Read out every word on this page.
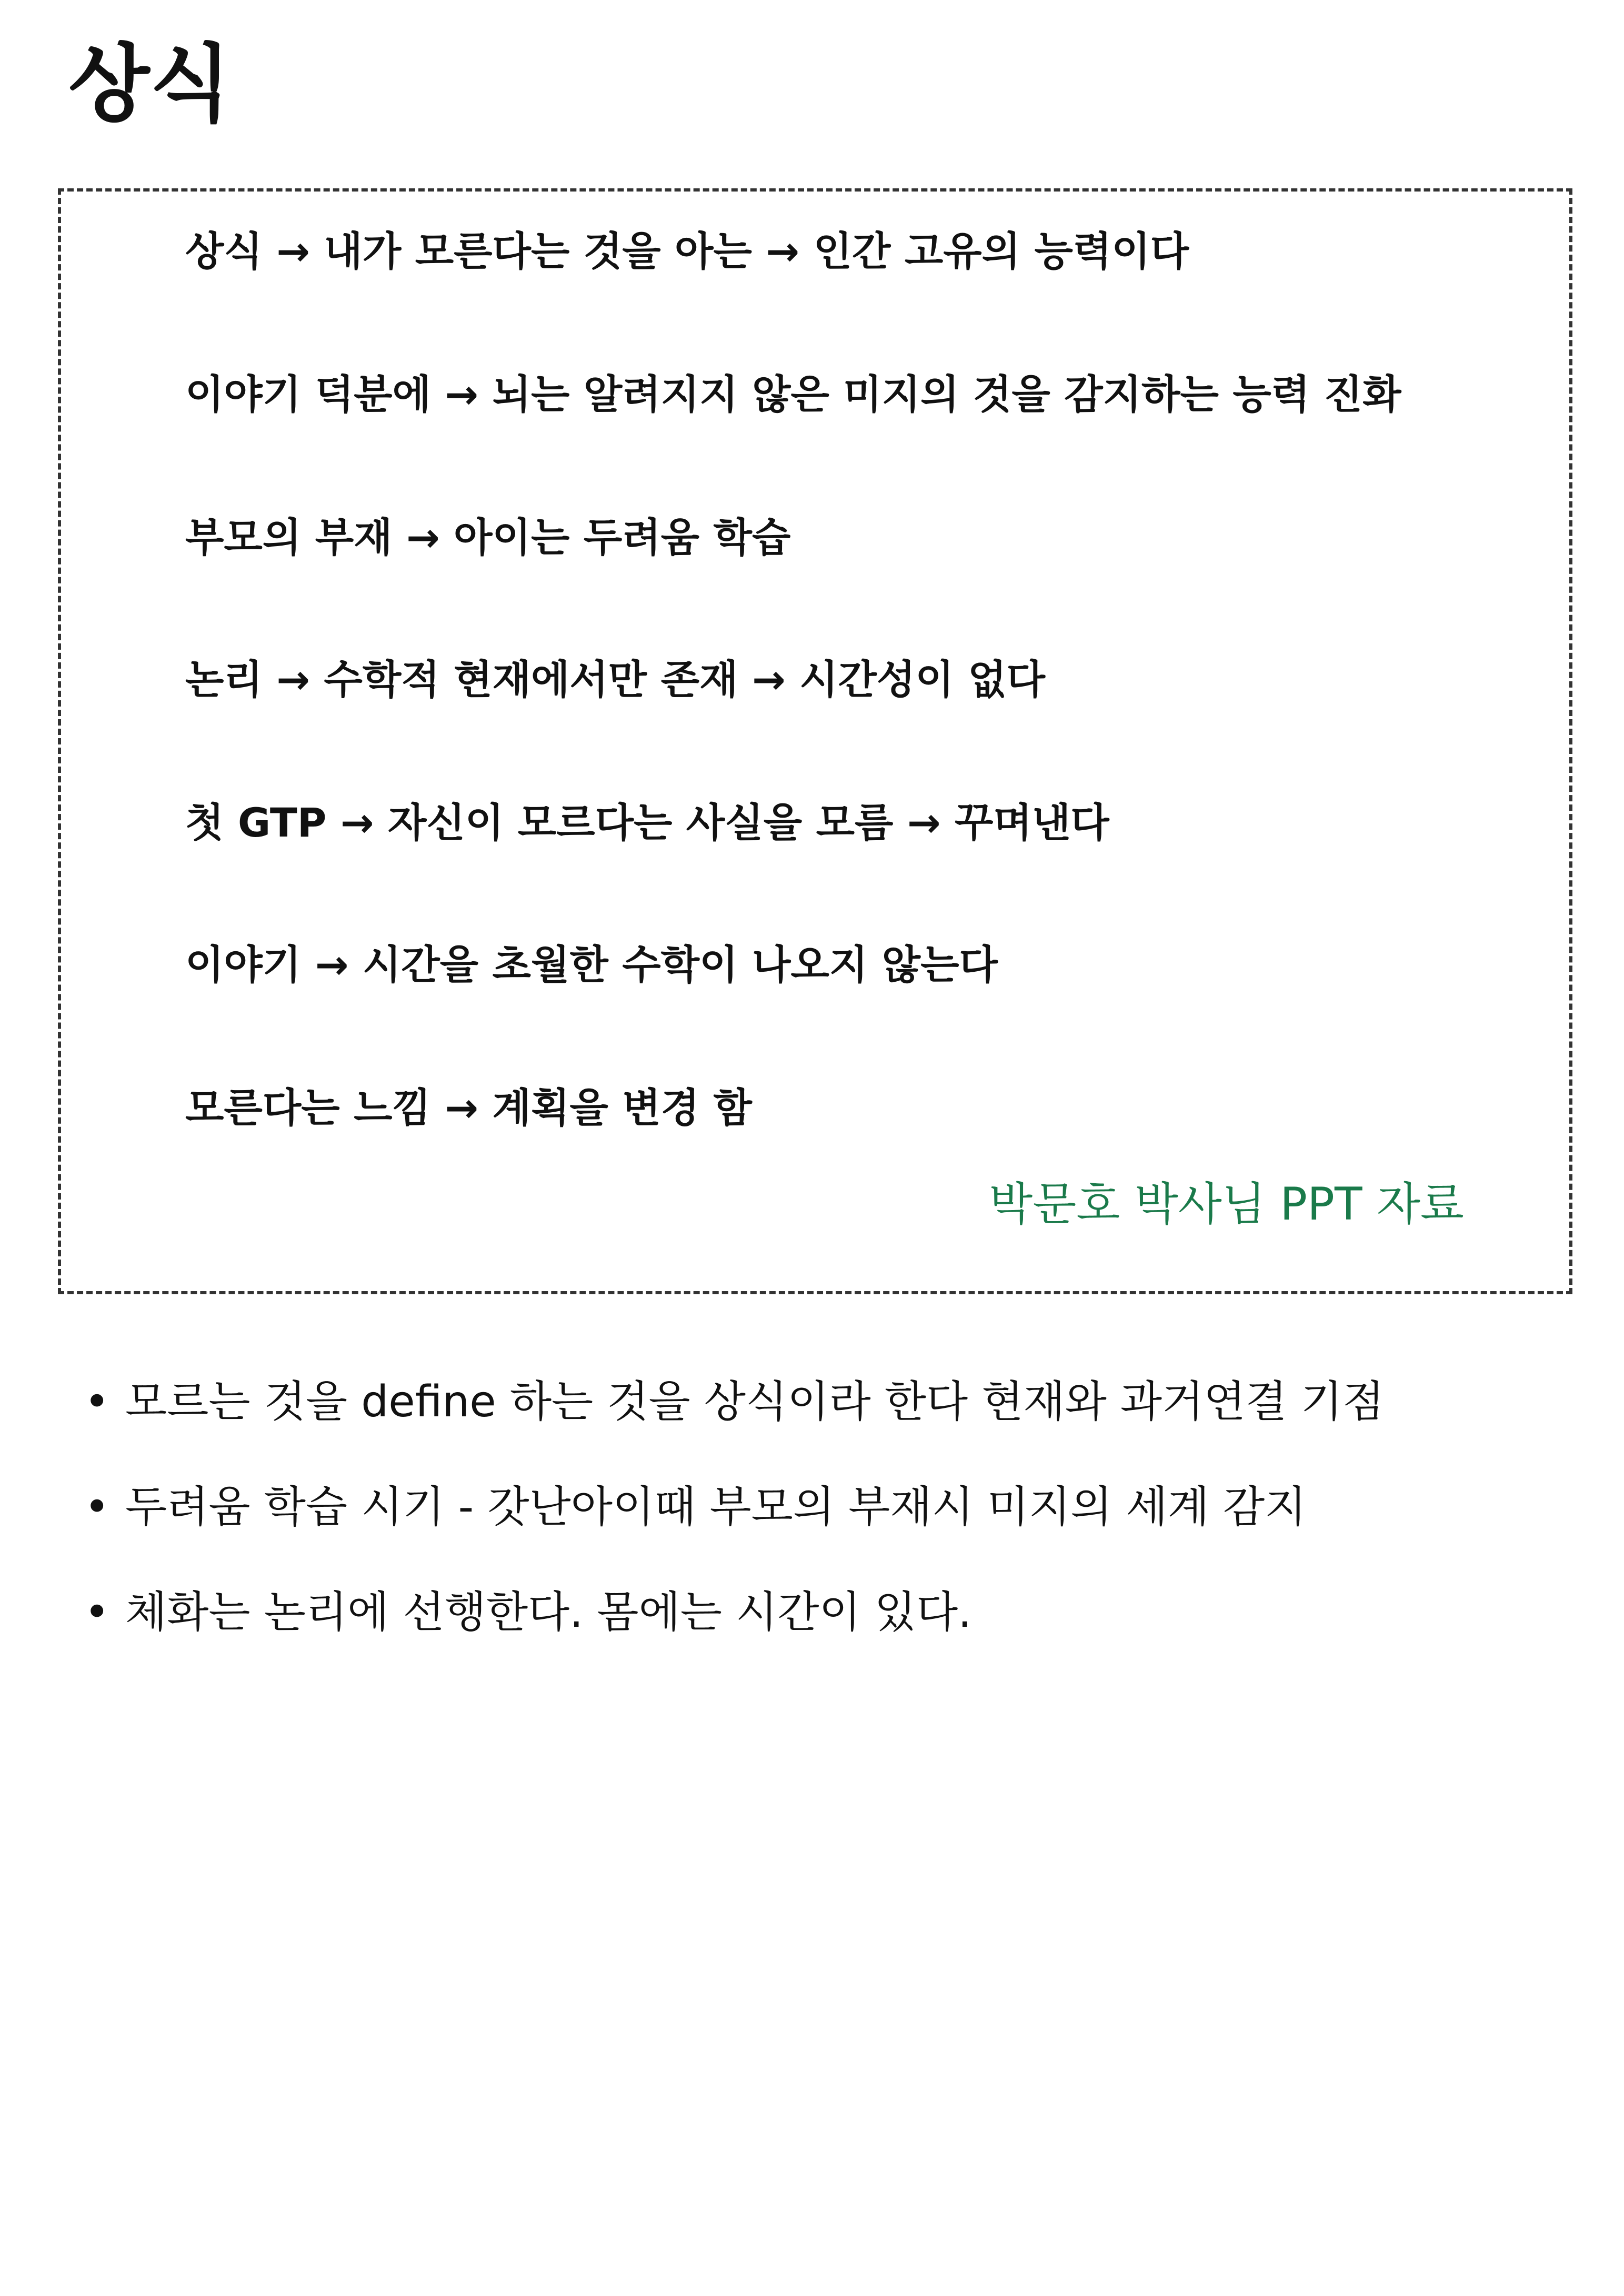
상식
상식 → 내가 모른다는 것을 아는 → 인간 고유의 능력이다
이야기 덕분에 → 뇌는 알려지지 않은 미지의 것을 감지하는 능력 진화
부모의 부재 → 아이는 두려움 학습
논리 → 수학적 현재에서만 존재 → 시간성이 없다
첫 GTP → 자신이 모르다는 사실을 모름 → 꾸며낸다
이야기 → 시간을 초월한 수학이 나오지 않는다
모른다는 느낌 → 계획을 변경 함
박문호 박사님 PPT 자료
• 모르는 것을 define 하는 것을 상식이라 한다 현재와 과거연결 기점
• 두려움 학습 시기 - 갓난아이때 부모의 부재시 미지의 세계 감지
• 체화는 논리에 선행한다. 몸에는 시간이 있다.
